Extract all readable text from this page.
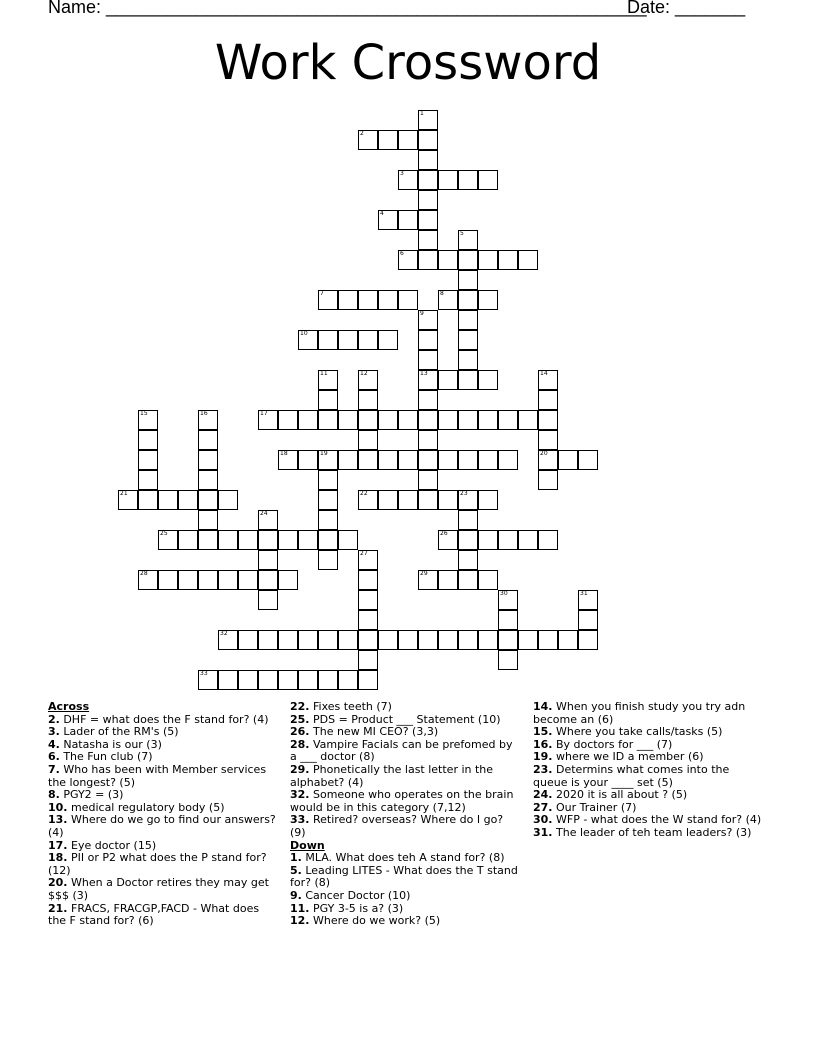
Name: ______________________________________________________
Date: _______
Work Crossword
1
2
3
4
5
6
7	8
9
13
10
11	12	14
20
15	16	17
18	19
21	22	23
24
25	26
27
28	29
30	31
32
33
Across
2. DHF = what does the F stand for? (4)
3. Lader of the RM's (5)
4. Natasha is our (3)
6. The Fun club (7)
7. Who has been with Member services the longest? (5)
8. PGY2 = (3)
10. medical regulatory body (5)
13. Where do we go to find our answers? (4)
17. Eye doctor (15)
18. PII or P2 what does the P stand for? (12)
20. When a Doctor retires they may get $$$ (3)
21. FRACS, FRACGP,FACD - What does the F stand for? (6)
22. Fixes teeth (7)
25. PDS = Product ___ Statement (10)
26. The new MI CEO? (3,3)
28. Vampire Facials can be prefomed by a ___ doctor (8)
29. Phonetically the last letter in the alphabet? (4)
32. Someone who operates on the brain would be in this category (7,12)
33. Retired? overseas? Where do I go? (9)
Down
1. MLA. What does teh A stand for? (8)
5. Leading LITES - What does the T stand for? (8)
9. Cancer Doctor (10)
11. PGY 3-5 is a? (3)
12. Where do we work? (5)
14. When you finish study you try adn become an (6)
15. Where you take calls/tasks (5)
16. By doctors for ___ (7)
19. where we ID a member (6)
23. Determins what comes into the queue is your ____ set (5)
24. 2020 it is all about ? (5)
27. Our Trainer (7)
30. WFP - what does the W stand for? (4)
31. The leader of teh team leaders? (3)
